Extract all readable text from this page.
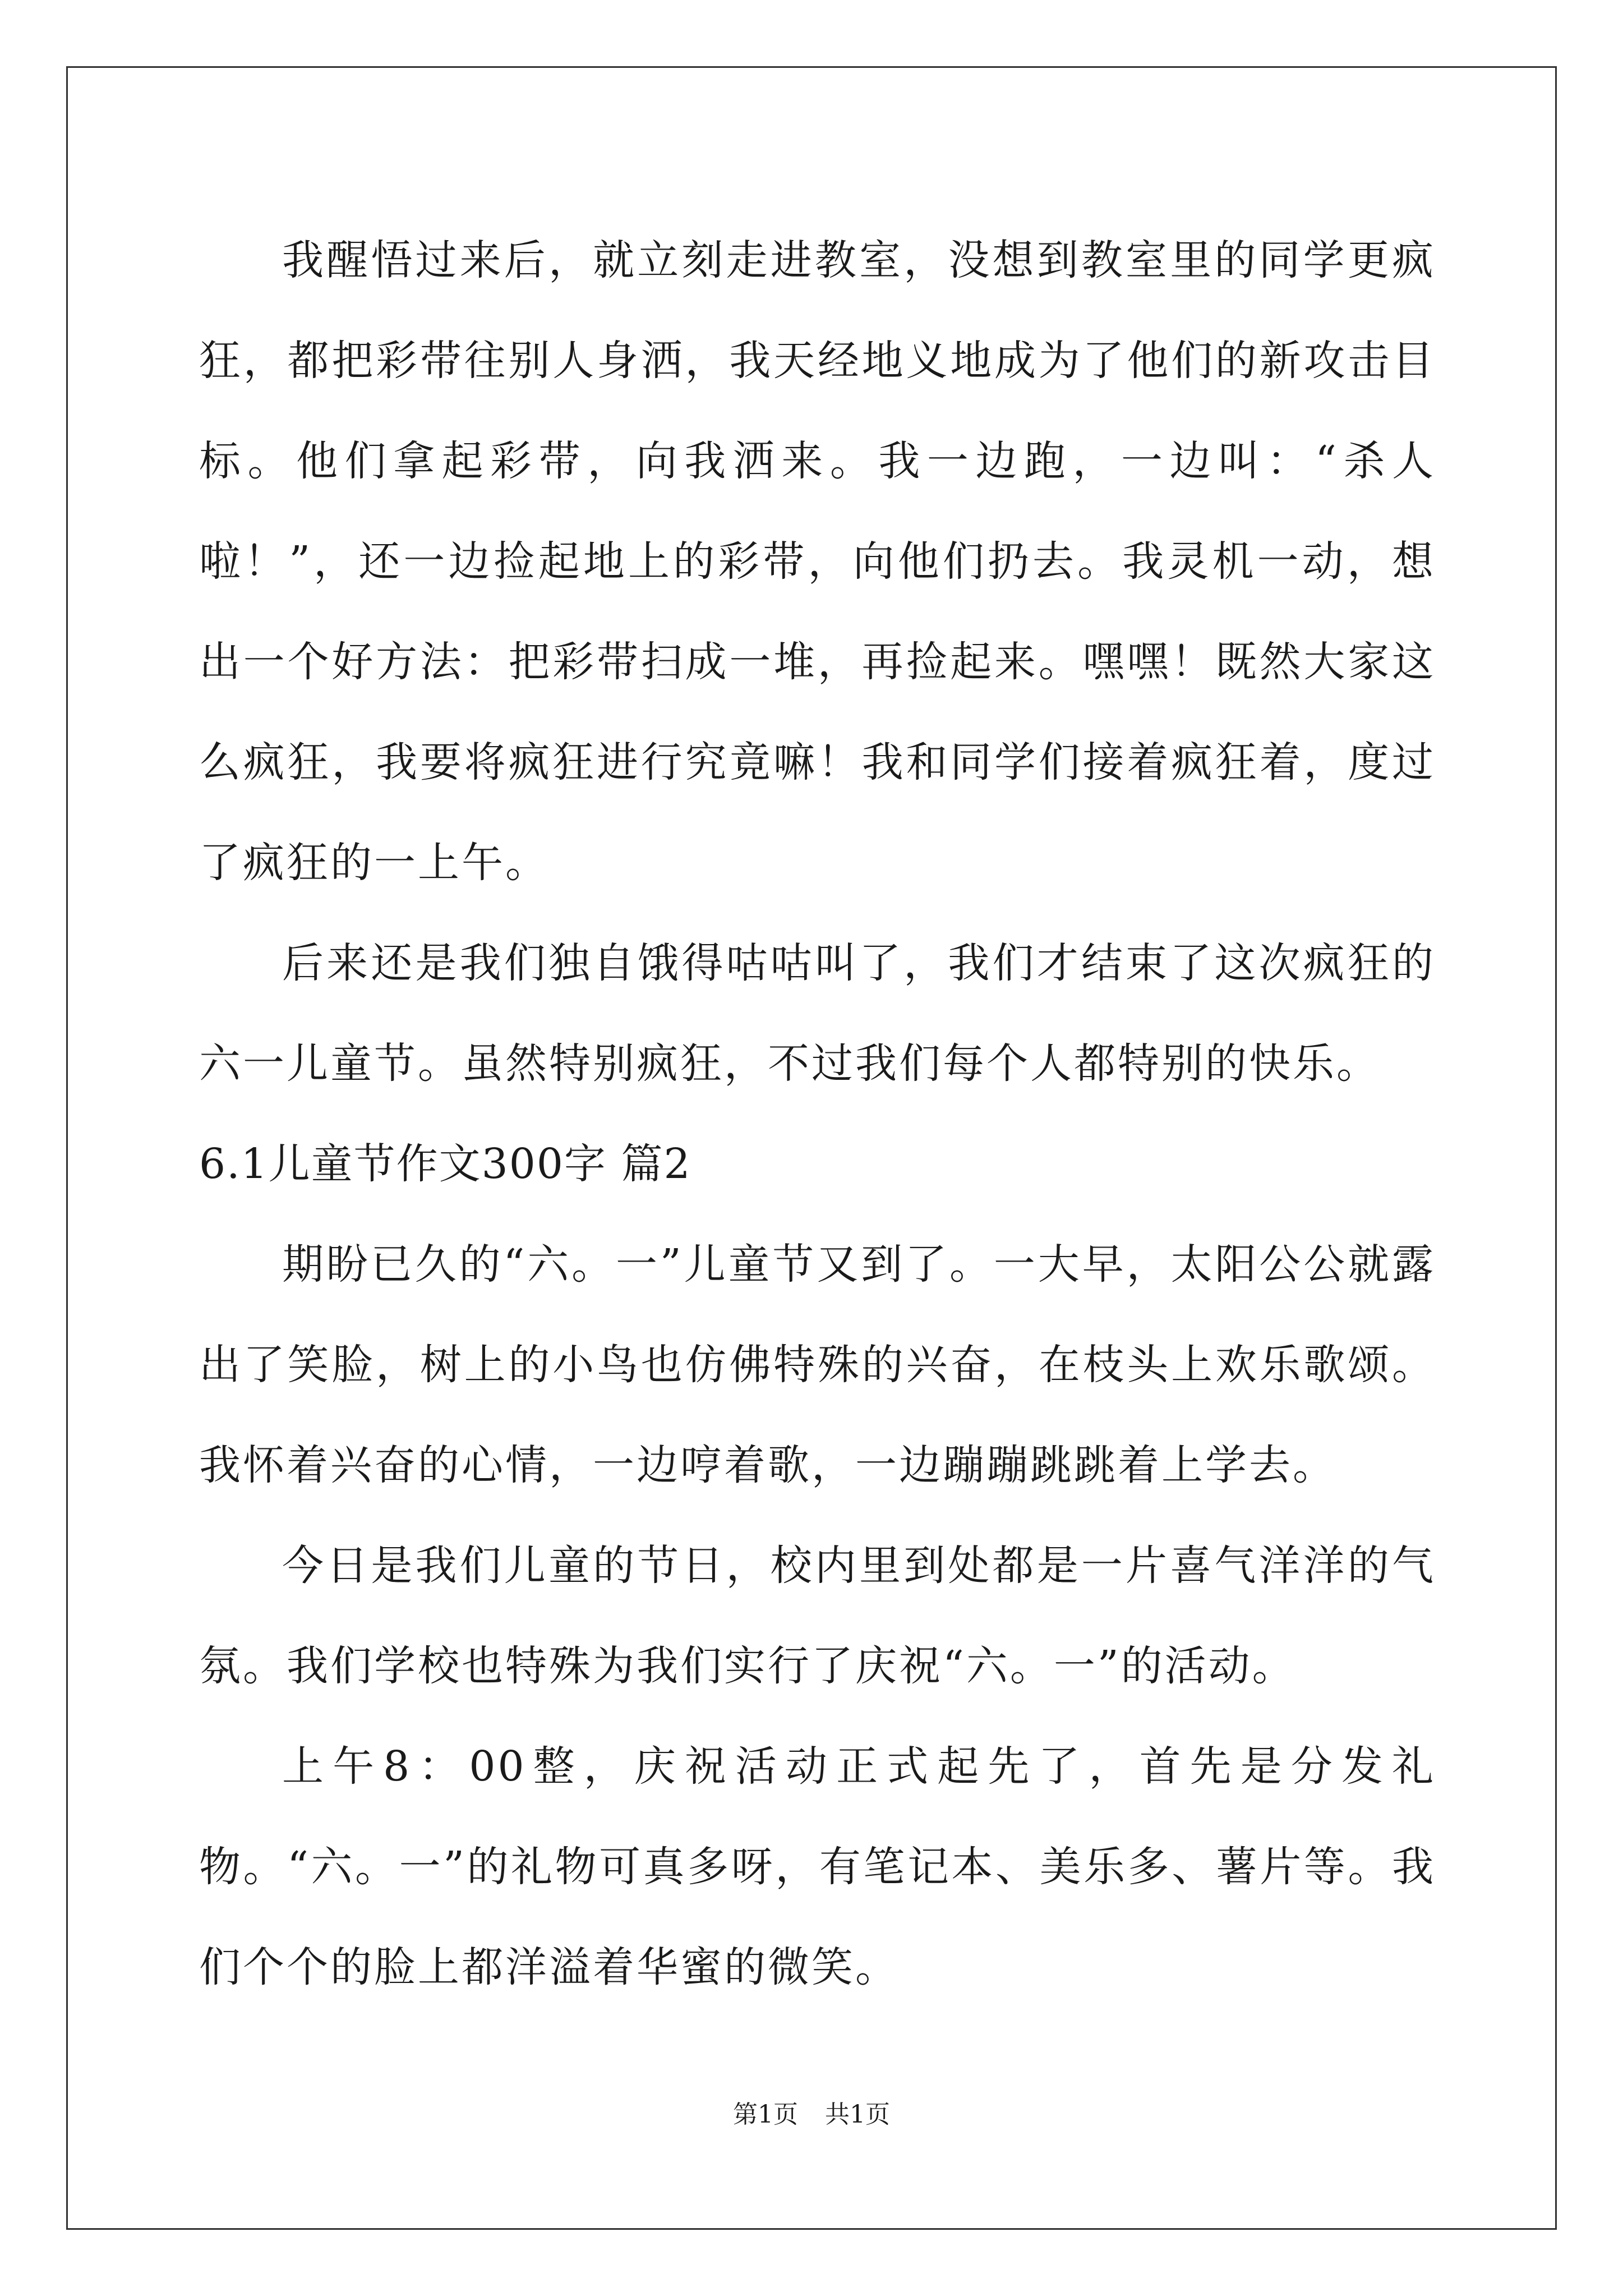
我醒悟过来后，就立刻走进教室，没想到教室里的同学更疯狂，都把彩带往别人身洒，我天经地义地成为了他们的新攻击目标。他们拿起彩带，向我洒来。我一边跑，一边叫：“杀人啦！”，还一边捡起地上的彩带，向他们扔去。我灵机一动，想出一个好方法：把彩带扫成一堆，再捡起来。嘿嘿！既然大家这么疯狂，我要将疯狂进行究竟嘛！我和同学们接着疯狂着，度过了疯狂的一上午。

后来还是我们独自饿得咕咕叫了，我们才结束了这次疯狂的六一儿童节。虽然特别疯狂，不过我们每个人都特别的快乐。

6.1儿童节作文300字 篇2

期盼已久的“六。一”儿童节又到了。一大早，太阳公公就露出了笑脸，树上的小鸟也仿佛特殊的兴奋，在枝头上欢乐歌颂。我怀着兴奋的心情，一边哼着歌，一边蹦蹦跳跳着上学去。

今日是我们儿童的节日，校内里到处都是一片喜气洋洋的气氛。我们学校也特殊为我们实行了庆祝“六。一”的活动。

上午8：00整，庆祝活动正式起先了，首先是分发礼物。“六。一”的礼物可真多呀，有笔记本、美乐多、薯片等。我们个个的脸上都洋溢着华蜜的微笑。

第1页 共1页
